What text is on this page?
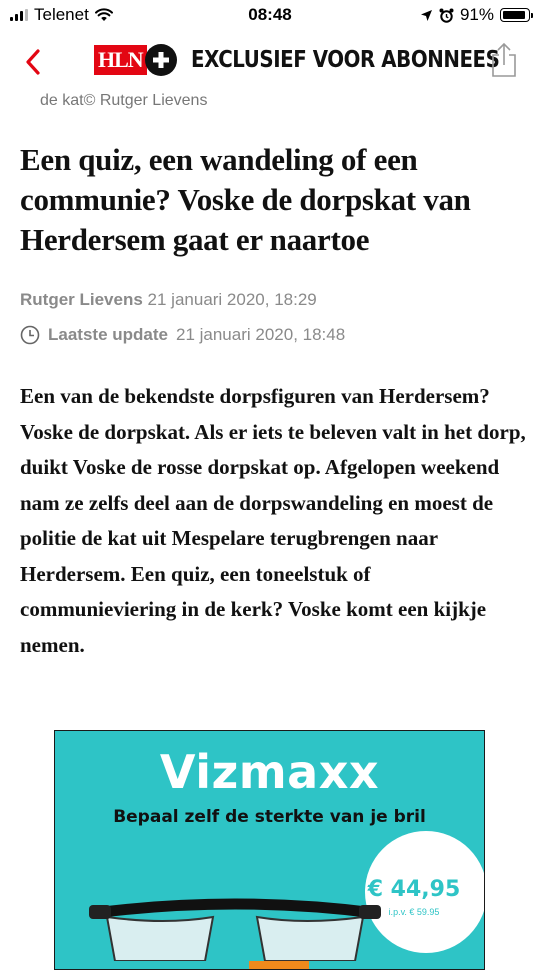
Telenet	08:48	91%
HLN EXCLUSIEF VOOR ABONNEES
de kat© Rutger Lievens
Een quiz, een wandeling of een communie? Voske de dorpskat van Herdersem gaat er naartoe
Rutger Lievens 21 januari 2020, 18:29
Laatste update 21 januari 2020, 18:48

Een van de bekendste dorpsfiguren van Herdersem? Voske de dorpskat. Als er iets te beleven valt in het dorp, duikt Voske de rosse dorpskat op. Afgelopen weekend nam ze zelfs deel aan de dorpswandeling en moest de politie de kat uit Mespelare terugbrengen naar Herdersem. Een quiz, een toneelstuk of communieviering in de kerk? Voske komt een kijkje nemen.

Vizmaxx
Bepaal zelf de sterkte van je bril
€ 44,95
i.p.v. € 59.95
